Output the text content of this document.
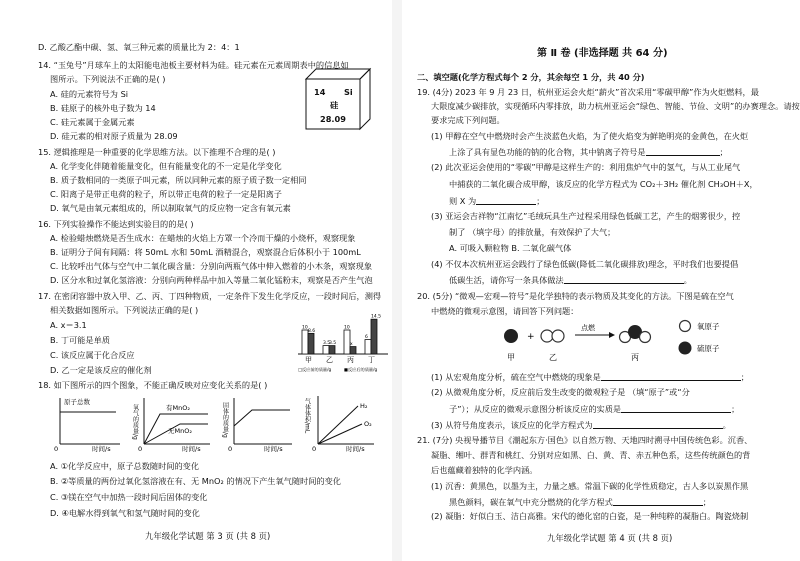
D. 乙酸乙酯中碳、氢、氧三种元素的质量比为 2：4：1
14. “玉兔号”月球车上的太阳能电池板主要材料为硅。硅元素在元素周期表中的信息如
图所示。下列说法不正确的是( )
A. 硅的元素符号为 Si
B. 硅原子的核外电子数为 14
C. 硅元素属于金属元素
D. 硅元素的相对原子质量为 28.09
14 Si
硅
28.09
15. 逻辑推理是一种重要的化学思维方法。以下推理不合理的是( )
A. 化学变化伴随着能量变化，但有能量变化的不一定是化学变化
B. 质子数相同的一类原子叫元素，所以同种元素的原子质子数一定相同
C. 阳离子是带正电荷的粒子，所以带正电荷的粒子一定是阳离子
D. 氧气是由氧元素组成的，所以制取氧气的反应物一定含有氧元素
16. 下列实验操作不能达到实验目的的是( )
A. 检验蜡烛燃烧是否生成水：在蜡烛的火焰上方罩一个冷而干燥的小烧杯，观察现象
B. 证明分子间有间隔：将 50mL 水和 50mL 酒精混合，观察混合后体积小于 100mL
C. 比较呼出气体与空气中二氧化碳含量：分别向两瓶气体中伸入燃着的小木条，观察现象
D. 区分水和过氧化氢溶液：分别向两种样品中加入等量二氧化锰粉末，观察是否产生气泡
17. 在密闭容器中放入甲、乙、丙、丁四种物质，一定条件下发生化学反应，一段时间后，测得
相关数据如图所示。下列说法正确的是( )
A. x＝3.1
B. 丁可能是单质
C. 该反应属于化合反应
D. 乙一定是该反应的催化剂
10
8.6
甲
3.5
3.5
乙
10
x
丙
6
14.5
丁
□反应前的质量/g	■反应后的质量/g
18. 如下图所示的四个图象，不能正确反映对应变化关系的是( )
原子总数
0	时间/s
氧气的质量/g	有MnO₂
无MnO₂
0	时间/s
固体的质量/g
0	时间/s
气体体积/mL	H₂
O₂
0	时间/s
A. ①化学反应中，原子总数随时间的变化
B. ②等质量的两份过氧化氢溶液在有、无 MnO₂ 的情况下产生氧气随时间的变化
C. ③镁在空气中加热一段时间后固体的变化
D. ④电解水得到氧气和氢气随时间的变化
九年级化学试题 第 3 页 (共 8 页)
第 Ⅱ 卷 (非选择题 共 64 分)
二、填空题(化学方程式每个 2 分，其余每空 1 分，共 40 分)
19. (4分) 2023 年 9 月 23 日，杭州亚运会火炬“薪火”首次采用“零碳甲醇”作为火炬燃料，最
大限度减少碳排放，实现循环内零排放，助力杭州亚运会“绿色、智能、节俭、文明”的办赛理念。请按
要求完成下列问题。
(1) 甲醇在空气中燃烧时会产生淡蓝色火焰，为了使火焰变为鲜艳明亮的金黄色，在火炬
上涂了具有显色功能的钠的化合物，其中钠离子符号是	；
(2) 此次亚运会使用的“零碳”甲醇是这样生产的：利用焦炉气中的氢气，与从工业尾气
中捕获的二氧化碳合成甲醇，该反应的化学方程式为 CO₂＋3H₂ 催化剂 CH₃OH＋X，
则 X 为	；
(3) 亚运会吉祥物“江南忆”毛绒玩具生产过程采用绿色低碳工艺，产生的烟雾很少，控
制了 （填字母）的排放量，有效保护了大气；
A. 可吸入颗粒物 B. 二氧化碳气体
(4) 不仅本次杭州亚运会践行了绿色低碳(降低二氧化碳排放)理念，平时我们也要提倡
低碳生活，请你写一条具体做法	。
20. (5分) “微观—宏观—符号”是化学独特的表示物质及其变化的方法。下图是硫在空气
中燃烧的微观示意图，请回答下列问题：
+
点燃
甲	乙	丙
氧原子
硫原子
(1) 从宏观角度分析，硫在空气中燃烧的现象是	；
(2) 从微观角度分析，反应前后发生改变的微观粒子是 （填“原子”或“分
子”）；从反应的微观示意图分析该反应的实质是	；
(3) 从符号角度表示，该反应的化学方程式为	。
21. (7分) 央视导播节目《潮起东方·国色》以自然万物、天地四时溯寻中国传统色彩。沉香、
凝脂、缃叶、群青和桃红、分别对应如黑、白、黄、青、赤五种色系，这些传统颜色的背
后也蕴藏着独特的化学内涵。
(1) 沉香：黄黑色，以墨为主，力量之感。常温下碳的化学性质稳定，古人多以炭黑作黑
黑色颜料，碳在氧气中充分燃烧的化学方程式	；
(2) 凝脂：好似白玉、洁白高雅。宋代的德化窑的白瓷，是一种纯粹的凝脂白。陶瓷烧制
九年级化学试题 第 4 页 (共 8 页)
